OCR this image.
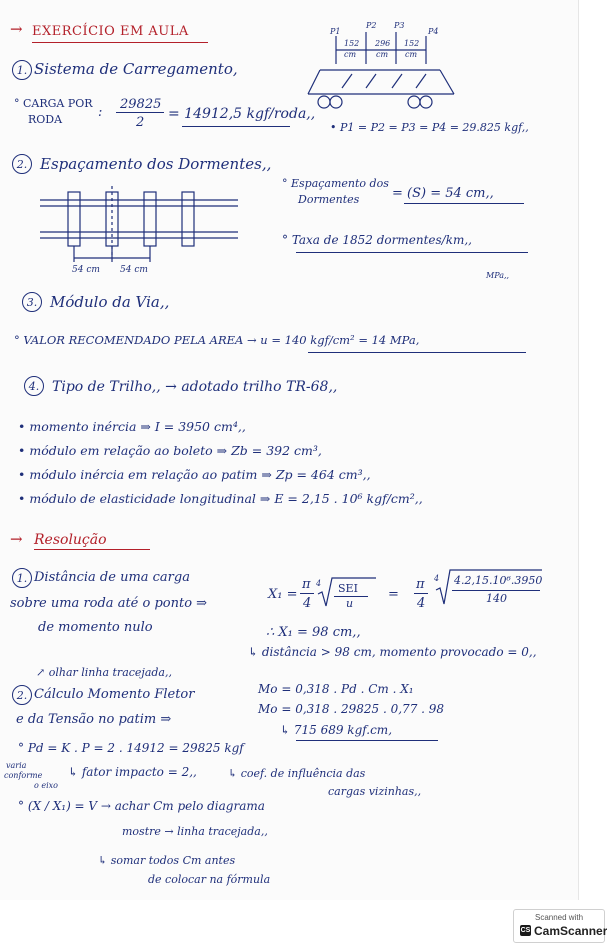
→ EXERCÍCIO EM AULA
1. Sistema de Carregamento,
° CARGA POR
RODA	:
29825
2
= 14912,5 kgf/roda,,
P1
P2 P3
P4
152 296 152
cm cm cm
• P1 = P2 = P3 = P4 = 29.825 kgf,,
2. Espaçamento dos Dormentes,,
54 cm 54 cm
° Espaçamento dos
Dormentes	= (S) = 54 cm,,
° Taxa de 1852 dormentes/km,,
MPa,,
3. Módulo da Via,,
° VALOR RECOMENDADO PELA AREA → u = 140 kgf/cm² = 14 MPa,
4. Tipo de Trilho,, → adotado trilho TR-68,,
• momento inércia ⇒ I = 3950 cm⁴,,
• módulo em relação ao boleto ⇒ Zb = 392 cm³,
• módulo inércia em relação ao patim ⇒ Zp = 464 cm³,,
• módulo de elasticidade longitudinal ⇒ E = 2,15 . 10⁶ kgf/cm²,,
→ Resolução
1. Distância de uma carga
sobre uma roda até o ponto ⇒
de momento nulo
X₁ =
π
4
4 SEI
u
=
π
4
4 4.2,15.10⁶.3950
140
∴ X₁ = 98 cm,,
↳ distância > 98 cm, momento provocado = 0,,
↗ olhar linha tracejada,,
2. Cálculo Momento Fletor
e da Tensão no patim ⇒
Mo = 0,318 . Pd . Cm . X₁
Mo = 0,318 . 29825 . 0,77 . 98
↳ 715 689 kgf.cm,
° Pd = K . P = 2 . 14912 = 29825 kgf
varia
conforme
o eixo
↳ fator impacto = 2,,	↳ coef. de influência das
cargas vizinhas,,
° (X / X₁) = V → achar Cm pelo diagrama
mostre → linha tracejada,,
↳ somar todos Cm antes
de colocar na fórmula
Scanned with
CS CamScanner
